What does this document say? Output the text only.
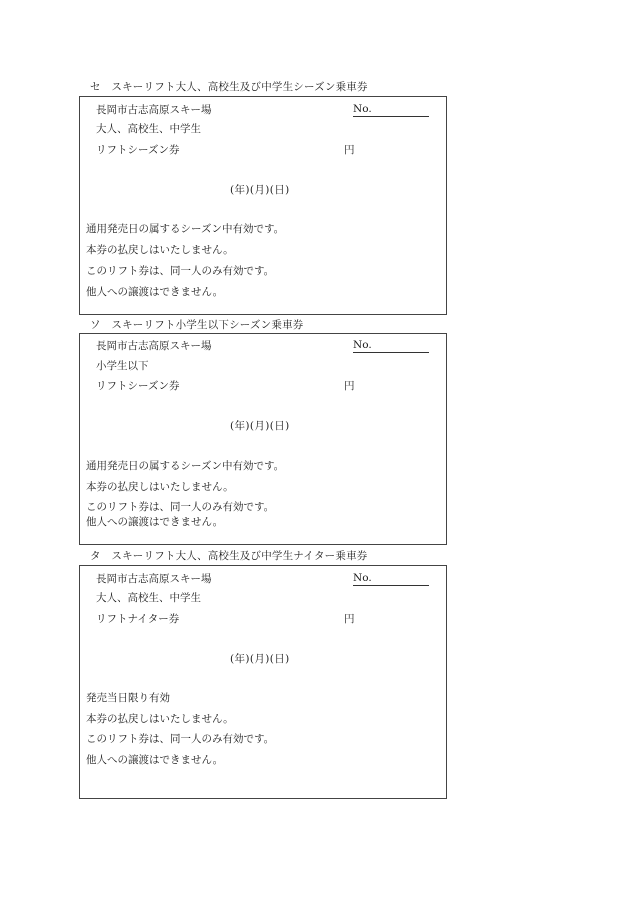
セ　スキーリフト大人、高校生及び中学生シーズン乗車券
長岡市古志高原スキー場	No.
大人、高校生、中学生
リフトシーズン券	円
(年)(月)(日)
通用発売日の属するシーズン中有効です。
本券の払戻しはいたしません。
このリフト券は、同一人のみ有効です。
他人への譲渡はできません。
ソ　スキーリフト小学生以下シーズン乗車券
長岡市古志高原スキー場	No.
小学生以下
リフトシーズン券	円
(年)(月)(日)
通用発売日の属するシーズン中有効です。
本券の払戻しはいたしません。
このリフト券は、同一人のみ有効です。
他人への譲渡はできません。
タ　スキーリフト大人、高校生及び中学生ナイター乗車券
長岡市古志高原スキー場	No.
大人、高校生、中学生
リフトナイター券	円
(年)(月)(日)
発売当日限り有効
本券の払戻しはいたしません。
このリフト券は、同一人のみ有効です。
他人への譲渡はできません。
